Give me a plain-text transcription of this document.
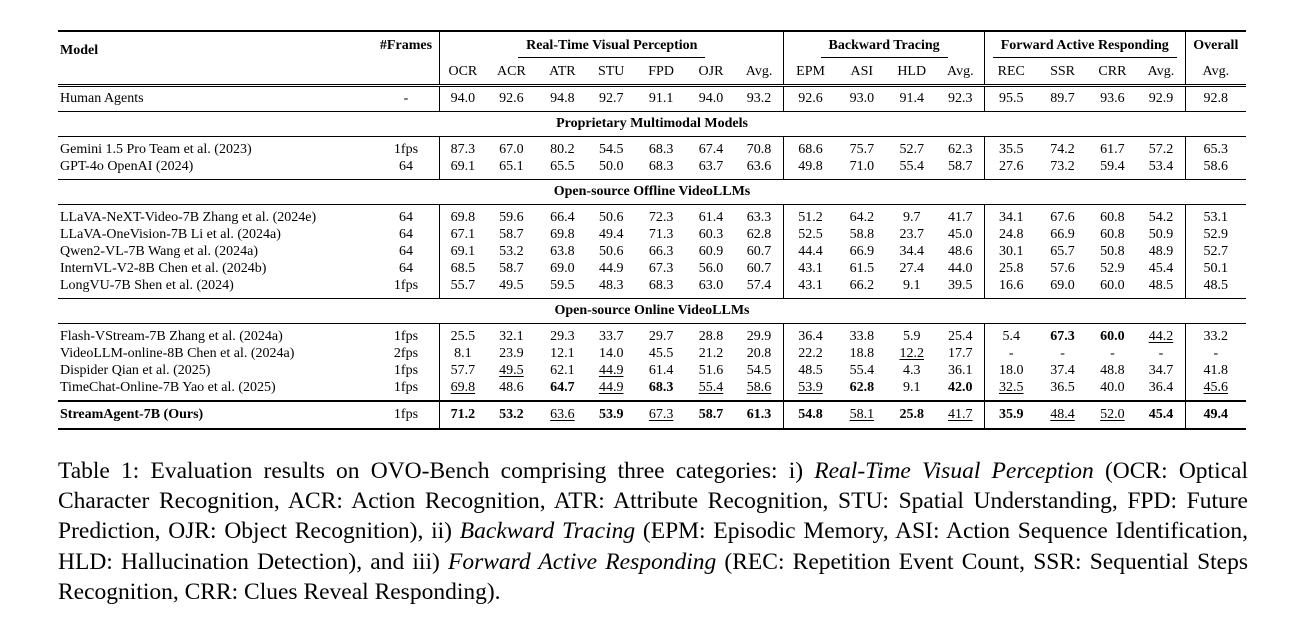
Model	#Frames	Real-Time Visual Perception							Backward Tracing				Forward Active Responding				Overall
		OCR	ACR	ATR	STU	FPD	OJR	Avg.	EPM	ASI	HLD	Avg.	REC	SSR	CRR	Avg.	Avg.
Human Agents	-	94.0	92.6	94.8	92.7	91.1	94.0	93.2	92.6	93.0	91.4	92.3	95.5	89.7	93.6	92.9	92.8
Proprietary Multimodal Models																	

Gemini 1.5 Pro Team et al. (2023)	1fps	87.3	67.0	80.2	54.5	68.3	67.4	70.8	68.6	75.7	52.7	62.3	35.5	74.2	61.7	57.2	65.3
GPT-4o OpenAI (2024)	64	69.1	65.1	65.5	50.0	68.3	63.7	63.6	49.8	71.0	55.4	58.7	27.6	73.2	59.4	53.4	58.6

Open-source Offline VideoLLMs																	

LLaVA-NeXT-Video-7B Zhang et al. (2024e)	64	69.8	59.6	66.4	50.6	72.3	61.4	63.3	51.2	64.2	9.7	41.7	34.1	67.6	60.8	54.2	53.1
LLaVA-OneVision-7B Li et al. (2024a)	64	67.1	58.7	69.8	49.4	71.3	60.3	62.8	52.5	58.8	23.7	45.0	24.8	66.9	60.8	50.9	52.9
Qwen2-VL-7B Wang et al. (2024a)	64	69.1	53.2	63.8	50.6	66.3	60.9	60.7	44.4	66.9	34.4	48.6	30.1	65.7	50.8	48.9	52.7
InternVL-V2-8B Chen et al. (2024b)	64	68.5	58.7	69.0	44.9	67.3	56.0	60.7	43.1	61.5	27.4	44.0	25.8	57.6	52.9	45.4	50.1
LongVU-7B Shen et al. (2024)	1fps	55.7	49.5	59.5	48.3	68.3	63.0	57.4	43.1	66.2	9.1	39.5	16.6	69.0	60.0	48.5	48.5

Open-source Online VideoLLMs																	

Flash-VStream-7B Zhang et al. (2024a)	1fps	25.5	32.1	29.3	33.7	29.7	28.8	29.9	36.4	33.8	5.9	25.4	5.4	67.3	60.0	44.2	33.2
VideoLLM-online-8B Chen et al. (2024a)	2fps	8.1	23.9	12.1	14.0	45.5	21.2	20.8	22.2	18.8	12.2	17.7	-	-	-	-	-
Dispider Qian et al. (2025)	1fps	57.7	49.5	62.1	44.9	61.4	51.6	54.5	48.5	55.4	4.3	36.1	18.0	37.4	48.8	34.7	41.8
TimeChat-Online-7B Yao et al. (2025)	1fps	69.8	48.6	64.7	44.9	68.3	55.4	58.6	53.9	62.8	9.1	42.0	32.5	36.5	40.0	36.4	45.6

StreamAgent-7B (Ours)	1fps	71.2	53.2	63.6	53.9	67.3	58.7	61.3	54.8	58.1	25.8	41.7	35.9	48.4	52.0	45.4	49.4

Table 1: Evaluation results on OVO-Bench comprising three categories: i) Real-Time Visual Perception (OCR: Optical Character Recognition, ACR: Action Recognition, ATR: Attribute Recognition, STU: Spatial Understanding, FPD: Future Prediction, OJR: Object Recognition), ii) Backward Tracing (EPM: Episodic Memory, ASI: Action Sequence Identification, HLD: Hallucination Detection), and iii) Forward Active Responding (REC: Repetition Event Count, SSR: Sequential Steps Recognition, CRR: Clues Reveal Responding).
